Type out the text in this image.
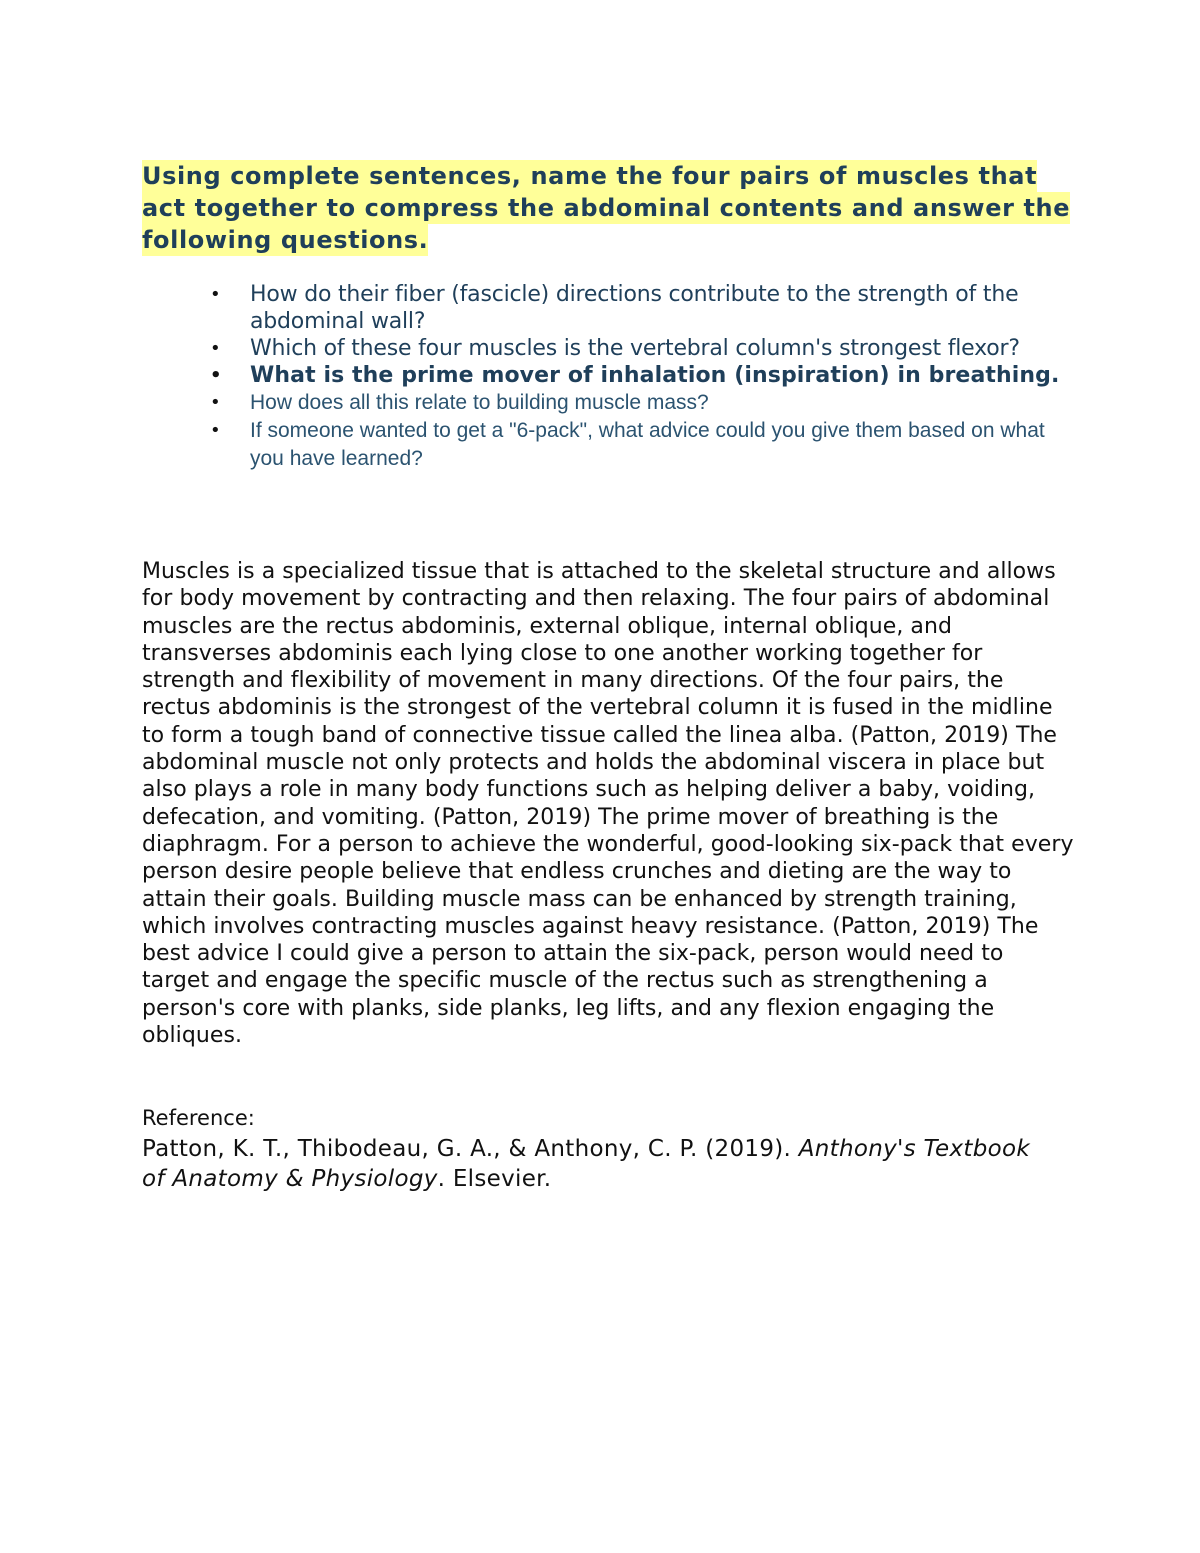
Using complete sentences, name the four pairs of muscles that act together to compress the abdominal contents and answer the following questions.
• How do their fiber (fascicle) directions contribute to the strength of the abdominal wall?
• Which of these four muscles is the vertebral column's strongest flexor?
• What is the prime mover of inhalation (inspiration) in breathing.
• How does all this relate to building muscle mass?
• If someone wanted to get a "6-pack", what advice could you give them based on what you have learned?

Muscles is a specialized tissue that is attached to the skeletal structure and allows for body movement by contracting and then relaxing. The four pairs of abdominal muscles are the rectus abdominis, external oblique, internal oblique, and transverses abdominis each lying close to one another working together for strength and flexibility of movement in many directions. Of the four pairs, the rectus abdominis is the strongest of the vertebral column it is fused in the midline to form a tough band of connective tissue called the linea alba. (Patton, 2019) The abdominal muscle not only protects and holds the abdominal viscera in place but also plays a role in many body functions such as helping deliver a baby, voiding, defecation, and vomiting. (Patton, 2019) The prime mover of breathing is the diaphragm. For a person to achieve the wonderful, good-looking six-pack that every person desire people believe that endless crunches and dieting are the way to attain their goals. Building muscle mass can be enhanced by strength training, which involves contracting muscles against heavy resistance. (Patton, 2019) The best advice I could give a person to attain the six-pack, person would need to target and engage the specific muscle of the rectus such as strengthening a person's core with planks, side planks, leg lifts, and any flexion engaging the obliques.

Reference:

Patton, K. T., Thibodeau, G. A., & Anthony, C. P. (2019). Anthony's Textbook of Anatomy & Physiology. Elsevier.
